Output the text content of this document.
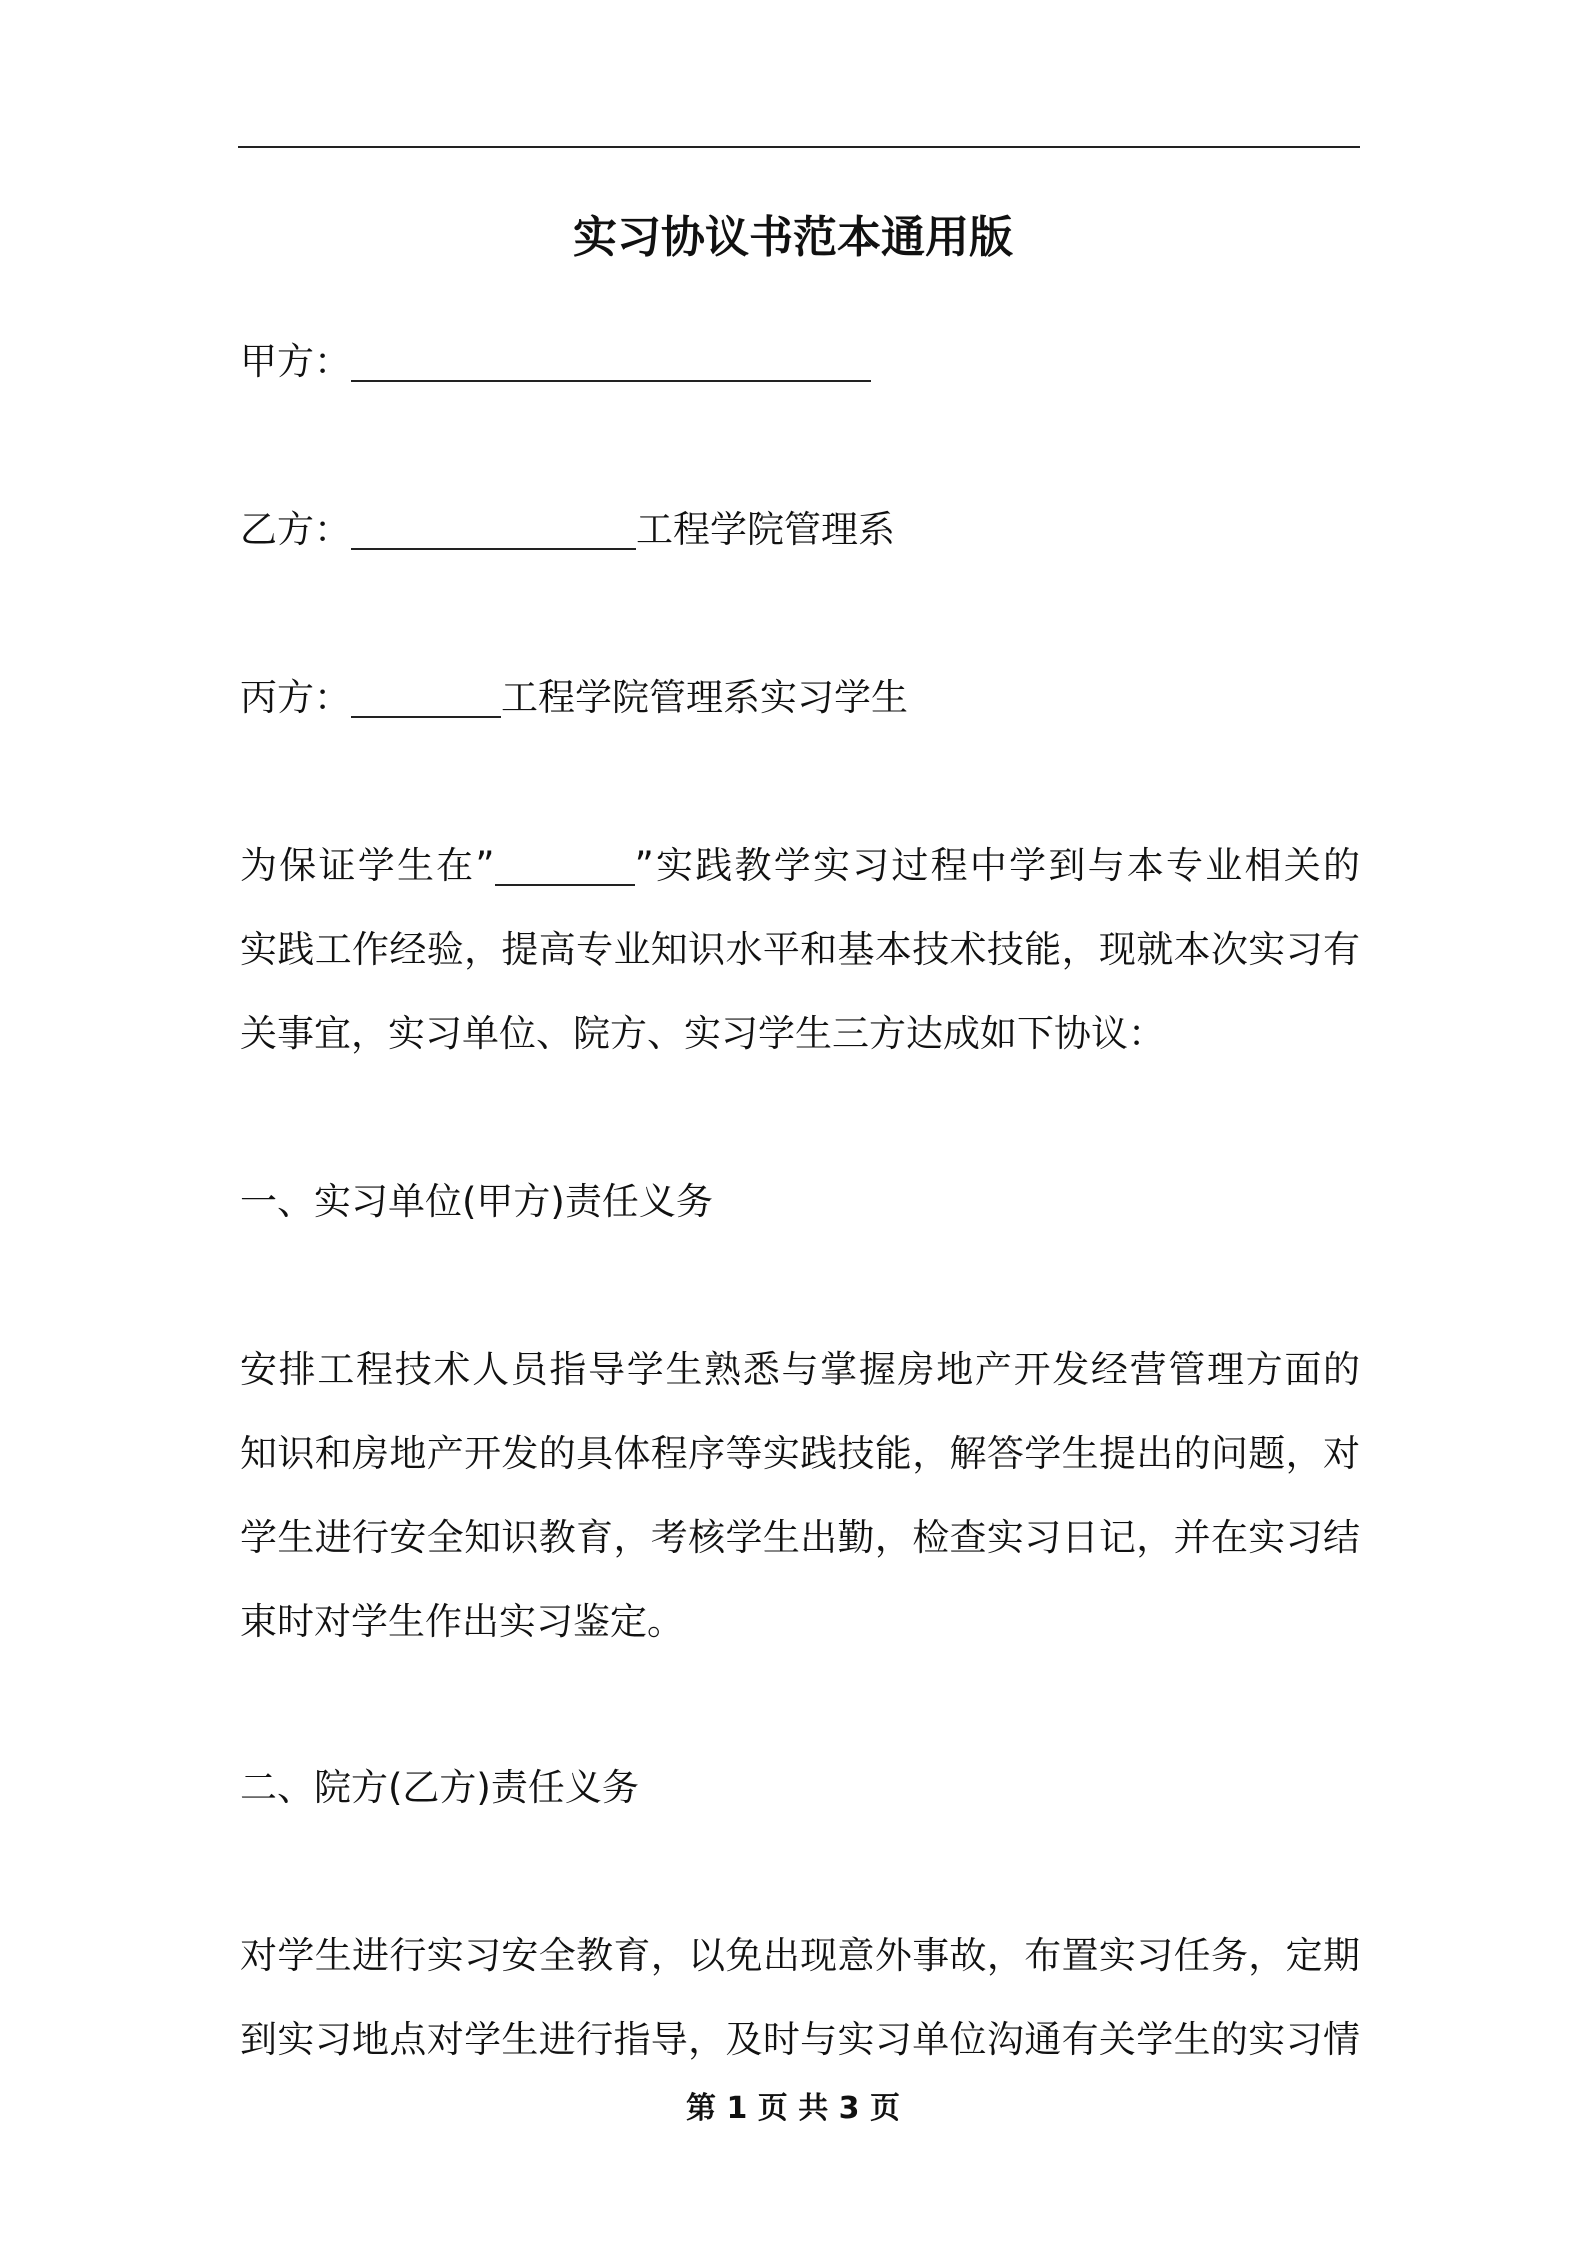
实习协议书范本通用版
甲方：
乙方：	工程学院管理系
丙方：	工程学院管理系实习学生
为保证学生在”	”实践教学实习过程中学到与本专业相关的
实践工作经验，提高专业知识水平和基本技术技能，现就本次实习有
关事宜，实习单位、院方、实习学生三方达成如下协议：
一、实习单位(甲方)责任义务
安排工程技术人员指导学生熟悉与掌握房地产开发经营管理方面的
知识和房地产开发的具体程序等实践技能，解答学生提出的问题，对
学生进行安全知识教育，考核学生出勤，检查实习日记，并在实习结
束时对学生作出实习鉴定。
二、院方(乙方)责任义务
对学生进行实习安全教育，以免出现意外事故，布置实习任务，定期
到实习地点对学生进行指导，及时与实习单位沟通有关学生的实习情
第 1 页 共 3 页
